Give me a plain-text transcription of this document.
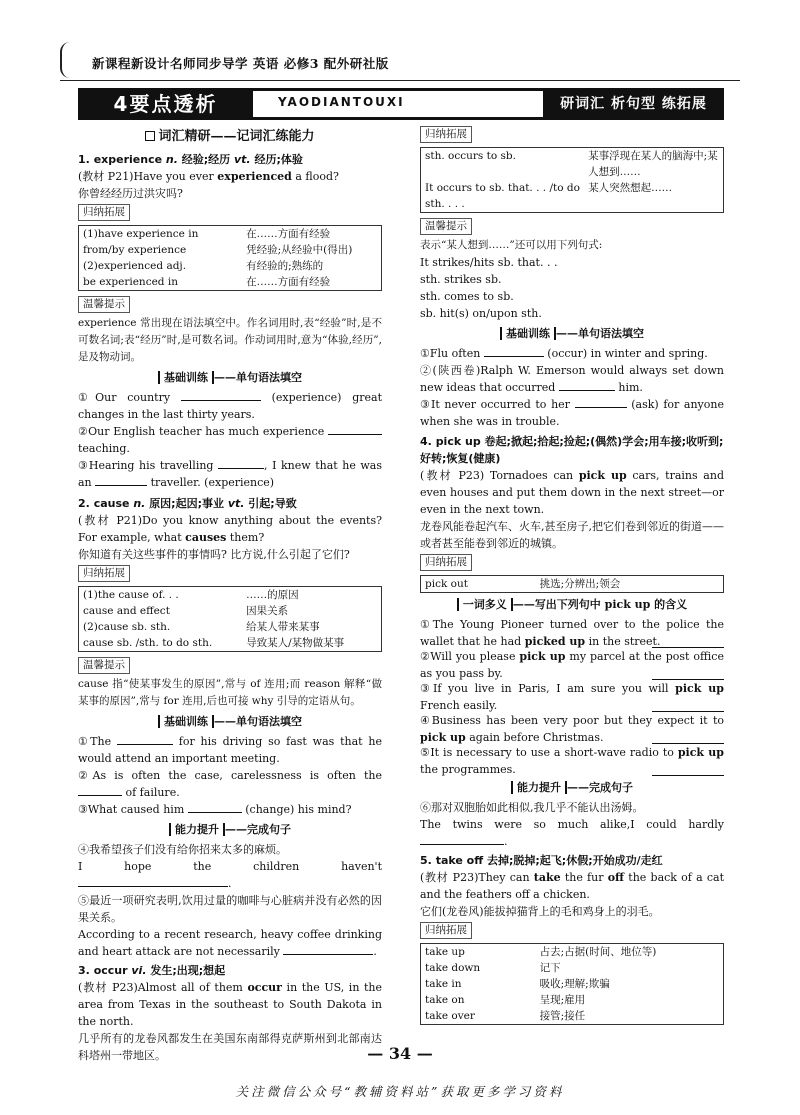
新课程新设计名师同步导学 英语 必修3 配外研社版
4要点透析	YAODIANTOUXI	研词汇 析句型 练拓展
词汇精研——记词汇练能力
1. experience n. 经验;经历 vt. 经历;体验

(教材 P21)Have you ever experienced a flood?

你曾经经历过洪灾吗?

归纳拓展
(1)have experience in	在……方面有经验
from/by experience	凭经验;从经验中(得出)
(2)experienced adj.	有经验的;熟练的
be experienced in	在……方面有经验
温馨提示

experience 常出现在语法填空中。作名词用时,表“经验”时,是不可数名词;表“经历”时,是可数名词。作动词用时,意为“体验,经历”,是及物动词。

基础训练 ——单句语法填空

①Our country	(experience) great changes in the last thirty years.

②Our English teacher has much experience  teaching.

③Hearing his travelling	, I knew that he was an	traveller. (experience)

2. cause n. 原因;起因;事业 vt. 引起;导致

(教材 P21)Do you know anything about the events? For example, what causes them?

你知道有关这些事件的事情吗? 比方说,什么引起了它们?

归纳拓展
(1)the cause of. . .	……的原因
cause and effect	因果关系
(2)cause sb. sth.	给某人带来某事
cause sb. /sth. to do sth.	导致某人/某物做某事
温馨提示

cause 指“使某事发生的原因”,常与 of 连用;而 reason 解释“做某事的原因”,常与 for 连用,后也可接 why 引导的定语从句。

基础训练 ——单句语法填空

①The	for his driving so fast was that he would attend an important meeting.

②As is often the case, carelessness is often the  of failure.

③What caused him	(change) his mind?

能力提升 ——完成句子

④我希望孩子们没有给你招来太多的麻烦。

I hope the children haven't .

⑤最近一项研究表明,饮用过量的咖啡与心脏病并没有必然的因果关系。

According to a recent research, heavy coffee drinking and heart attack are not necessarily	.

3. occur vi. 发生;出现;想起

(教材 P23)Almost all of them occur in the US, in the area from Texas in the southeast to South Dakota in the north.

几乎所有的龙卷风都发生在美国东南部得克萨斯州到北部南达科塔州一带地区。

归纳拓展
sth. occurs to sb.	某事浮现在某人的脑海中;某人想到……
It occurs to sb. that. . . /to do sth. . . .	某人突然想起……
温馨提示

表示“某人想到……”还可以用下列句式:

It strikes/hits sb. that. . .

sth. strikes sb.

sth. comes to sb.

sb. hit(s) on/upon sth.

基础训练 ——单句语法填空

①Flu often	(occur) in winter and spring.

②(陕西卷)Ralph W. Emerson would always set down new ideas that occurred	him.

③It never occurred to her	(ask) for anyone when she was in trouble.

4. pick up 卷起;掀起;拾起;捡起;(偶然)学会;用车接;收听到;好转;恢复(健康)

(教材 P23) Tornadoes can pick up cars, trains and even houses and put them down in the next street—or even in the next town.

龙卷风能卷起汽车、火车,甚至房子,把它们卷到邻近的街道——或者甚至能卷到邻近的城镇。

归纳拓展
pick out	挑选;分辨出;领会
一词多义 ——写出下列句中 pick up 的含义

①The Young Pioneer turned over to the police the wallet that he had picked up in the street.

②Will you please pick up my parcel at the post office as you pass by.

③If you live in Paris, I am sure you will pick up French easily.

④Business has been very poor but they expect it to pick up again before Christmas.

⑤It is necessary to use a short-wave radio to pick up the programmes.

能力提升 ——完成句子

⑥那对双胞胎如此相似,我几乎不能认出汤姆。

The twins were so much alike,I could hardly .

5. take off 去掉;脱掉;起飞;休假;开始成功/走红

(教材 P23)They can take the fur off the back of a cat and the feathers off a chicken.

它们(龙卷风)能拔掉猫背上的毛和鸡身上的羽毛。

归纳拓展
take up	占去;占据(时间、地位等)
take down	记下
take in	吸收;理解;欺骗
take on	呈现;雇用
take over	接管;接任
— 34 —
关注微信公众号“教辅资料站”获取更多学习资料
